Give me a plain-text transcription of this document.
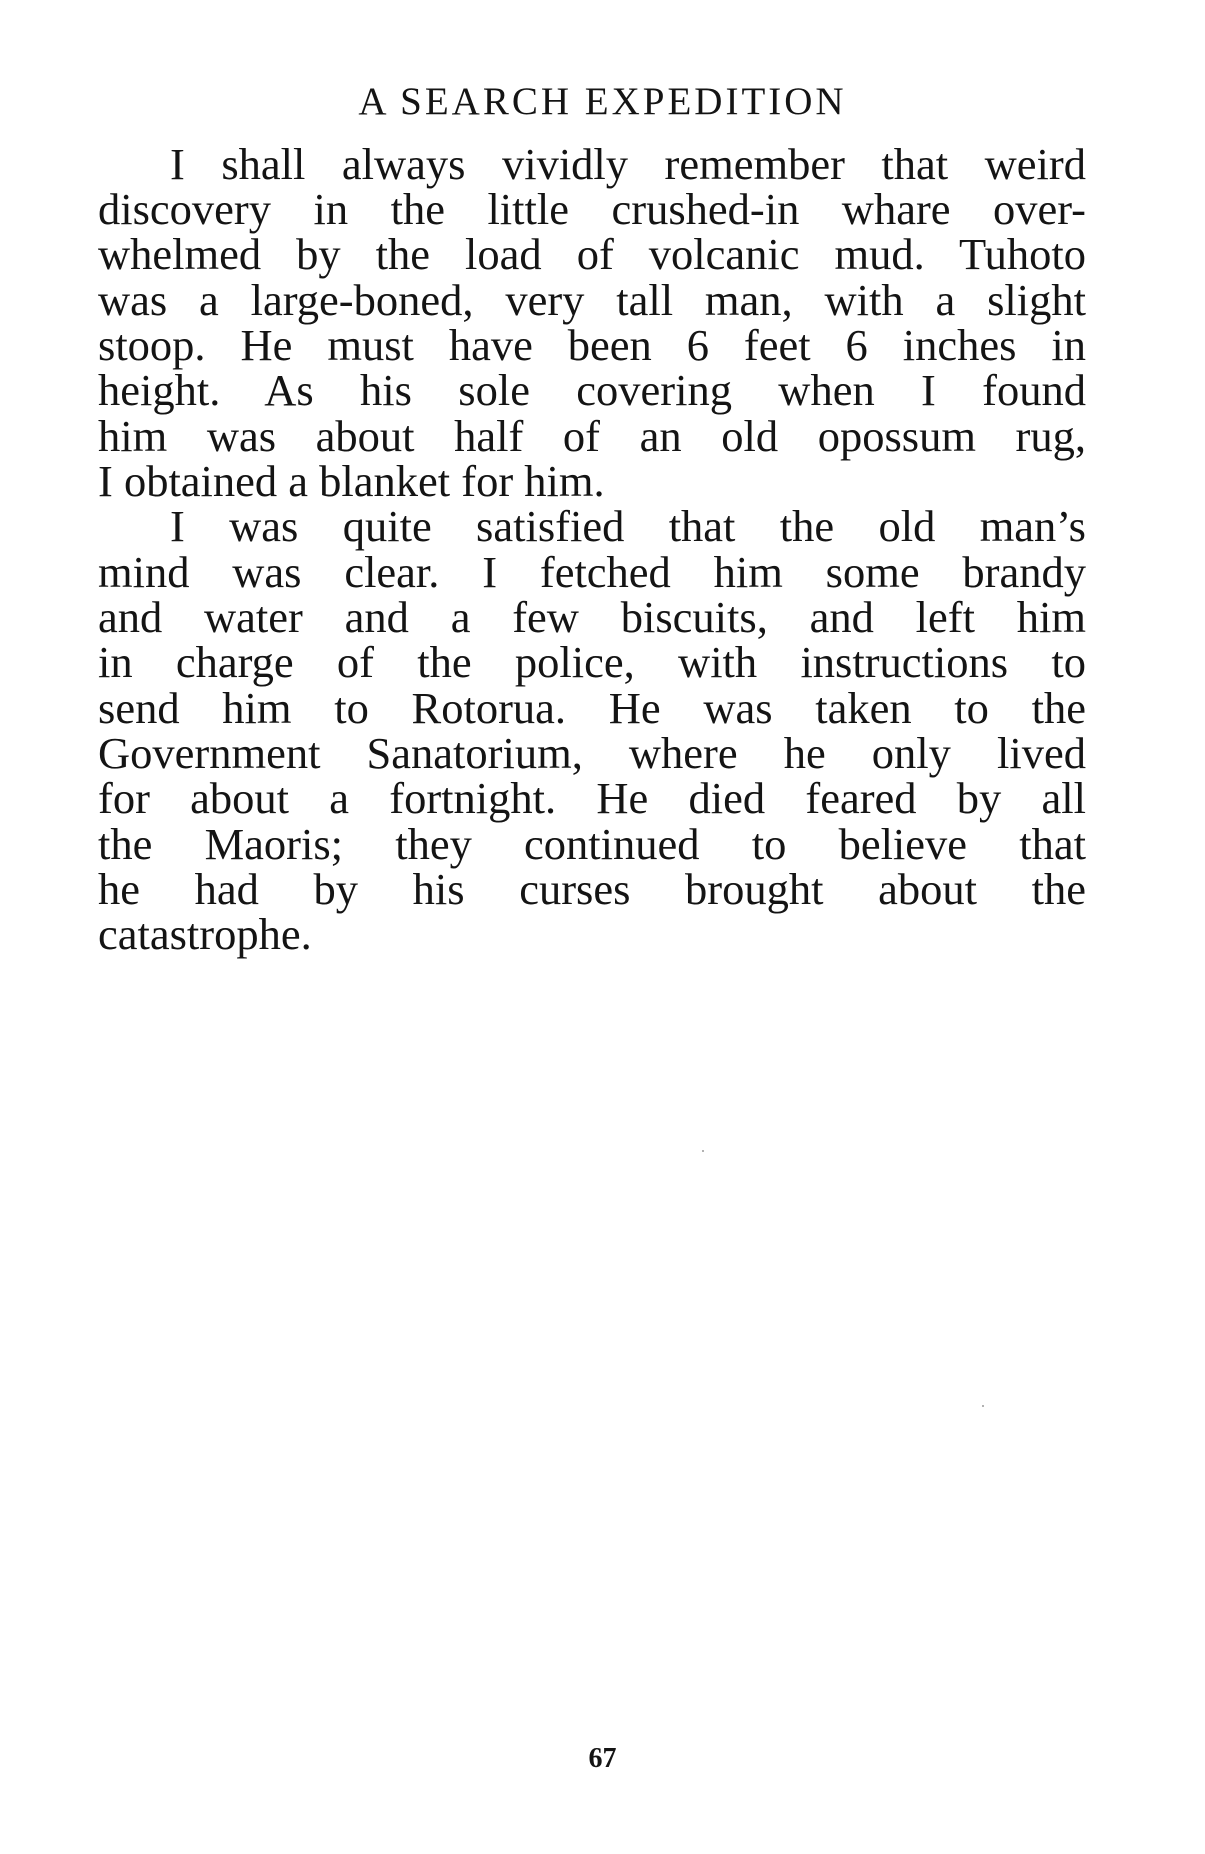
A SEARCH EXPEDITION
I shall always vividly remember that weird
discovery in the little crushed-in whare over-
whelmed by the load of volcanic mud. Tuhoto
was a large-boned, very tall man, with a slight
stoop. He must have been 6 feet 6 inches in
height. As his sole covering when I found
him was about half of an old opossum rug,
I obtained a blanket for him.
I was quite satisfied that the old man’s
mind was clear. I fetched him some brandy
and water and a few biscuits, and left him
in charge of the police, with instructions to
send him to Rotorua. He was taken to the
Government Sanatorium, where he only lived
for about a fortnight. He died feared by all
the Maoris; they continued to believe that
he had by his curses brought about the
catastrophe.
67
